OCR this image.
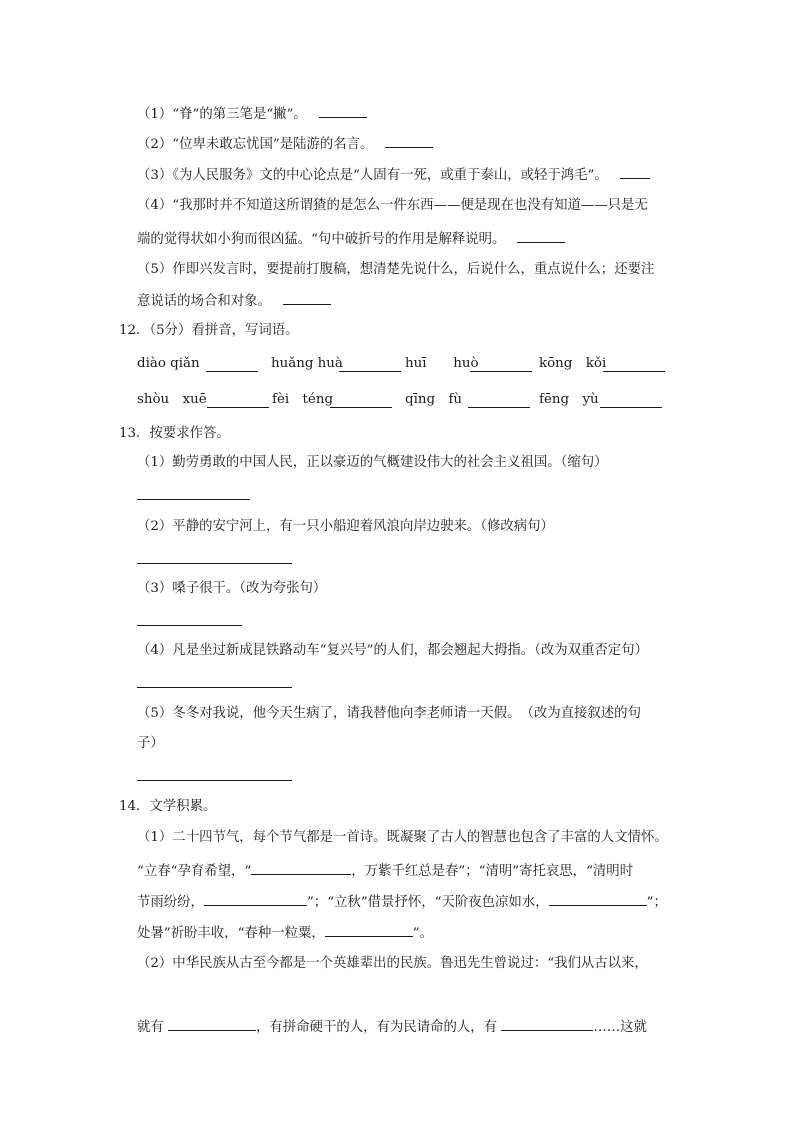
（1）“脊”的第三笔是“撇”。
（2）“位卑未敢忘忧国”是陆游的名言。
（3）《为人民服务》文的中心论点是“人固有一死，或重于泰山，或轻于鸿毛”。
（4）“我那时并不知道这所谓猹的是怎么一件东西——便是现在也没有知道——只是无
端的觉得状如小狗而很凶猛。“句中破折号的作用是解释说明。
（5）作即兴发言时，要提前打腹稿，想清楚先说什么，后说什么，重点说什么；还要注
意说话的场合和对象。
12．（5分）看拼音，写词语。
diào qiǎn	huǎng huà	huī　　huò	kōng　kǒi
shòu　xuē	fèi　téng	qīng　fù	fēng　yù
13．按要求作答。
（1）勤劳勇敢的中国人民，正以豪迈的气概建设伟大的社会主义祖国。（缩句）
（2）平静的安宁河上，有一只小船迎着风浪向岸边驶来。（修改病句）
（3）嗓子很干。（改为夸张句）
（4）凡是坐过新成昆铁路动车“复兴号”的人们，都会翘起大拇指。（改为双重否定句）
（5）冬冬对我说，他今天生病了，请我替他向李老师请一天假。　（改为直接叙述的句
子）
14．文学积累。
（1）二十四节气，每个节气都是一首诗。既凝聚了古人的智慧也包含了丰富的人文情怀。
“立春“孕育希望，“	，万紫千红总是春”；“清明”寄托哀思，“清明时
节雨纷纷，	”；“立秋”借景抒怀，“天阶夜色凉如水，	”；
处暑”祈盼丰收，“春种一粒粟，	”。
（2）中华民族从古至今都是一个英雄辈出的民族。鲁迅先生曾说过：“我们从古以来，
就有	，有拼命硬干的人，有为民请命的人，有	……这就
